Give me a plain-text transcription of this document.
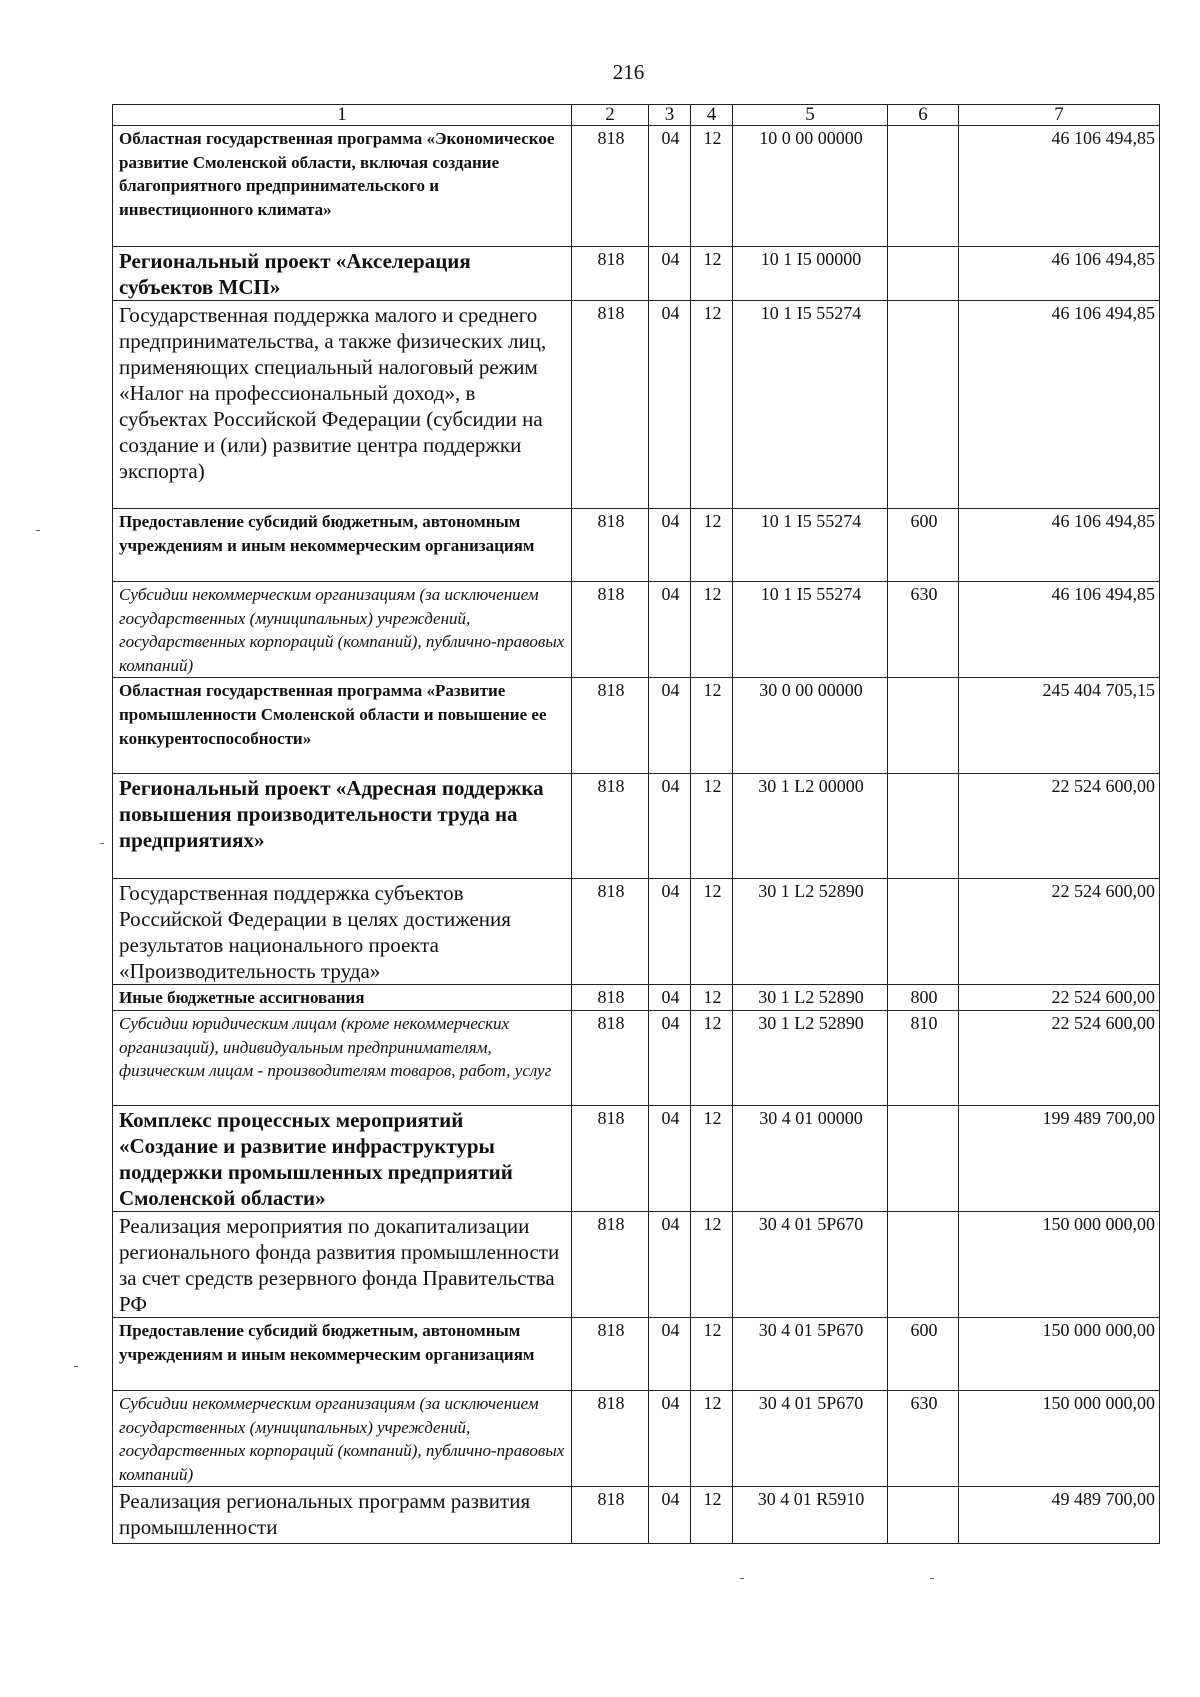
216
1	2	3	4	5	6	7
Областная государственная программа «Экономическое развитие Смоленской области, включая создание благоприятного предпринимательского и инвестиционного климата»	818	04	12	10 0 00 00000		46 106 494,85
Региональный проект «Акселерация субъектов МСП»	818	04	12	10 1 I5 00000		46 106 494,85
Государственная поддержка малого и среднего предпринимательства, а также физических лиц, применяющих специальный налоговый режим «Налог на профессиональный доход», в субъектах Российской Федерации (субсидии на создание и (или) развитие центра поддержки экспорта)	818	04	12	10 1 I5 55274		46 106 494,85
Предоставление субсидий бюджетным, автономным учреждениям и иным некоммерческим организациям	818	04	12	10 1 I5 55274	600	46 106 494,85
Субсидии некоммерческим организациям (за исключением государственных (муниципальных) учреждений, государственных корпораций (компаний), публично-правовых компаний)	818	04	12	10 1 I5 55274	630	46 106 494,85
Областная государственная программа «Развитие промышленности Смоленской области и повышение ее конкурентоспособности»	818	04	12	30 0 00 00000		245 404 705,15
Региональный проект «Адресная поддержка повышения производительности труда на предприятиях»	818	04	12	30 1 L2 00000		22 524 600,00
Государственная поддержка субъектов Российской Федерации в целях достижения результатов национального проекта «Производительность труда»	818	04	12	30 1 L2 52890		22 524 600,00
Иные бюджетные ассигнования	818	04	12	30 1 L2 52890	800	22 524 600,00
Субсидии юридическим лицам (кроме некоммерческих организаций), индивидуальным предпринимателям, физическим лицам - производителям товаров, работ, услуг	818	04	12	30 1 L2 52890	810	22 524 600,00
Комплекс процессных мероприятий «Создание и развитие инфраструктуры поддержки промышленных предприятий Смоленской области»	818	04	12	30 4 01 00000		199 489 700,00
Реализация мероприятия по докапитализации регионального фонда развития промышленности за счет средств резервного фонда Правительства РФ	818	04	12	30 4 01 5P670		150 000 000,00
Предоставление субсидий бюджетным, автономным учреждениям и иным некоммерческим организациям	818	04	12	30 4 01 5P670	600	150 000 000,00
Субсидии некоммерческим организациям (за исключением государственных (муниципальных) учреждений, государственных корпораций (компаний), публично-правовых компаний)	818	04	12	30 4 01 5P670	630	150 000 000,00
Реализация региональных программ развития промышленности	818	04	12	30 4 01 R5910		49 489 700,00
